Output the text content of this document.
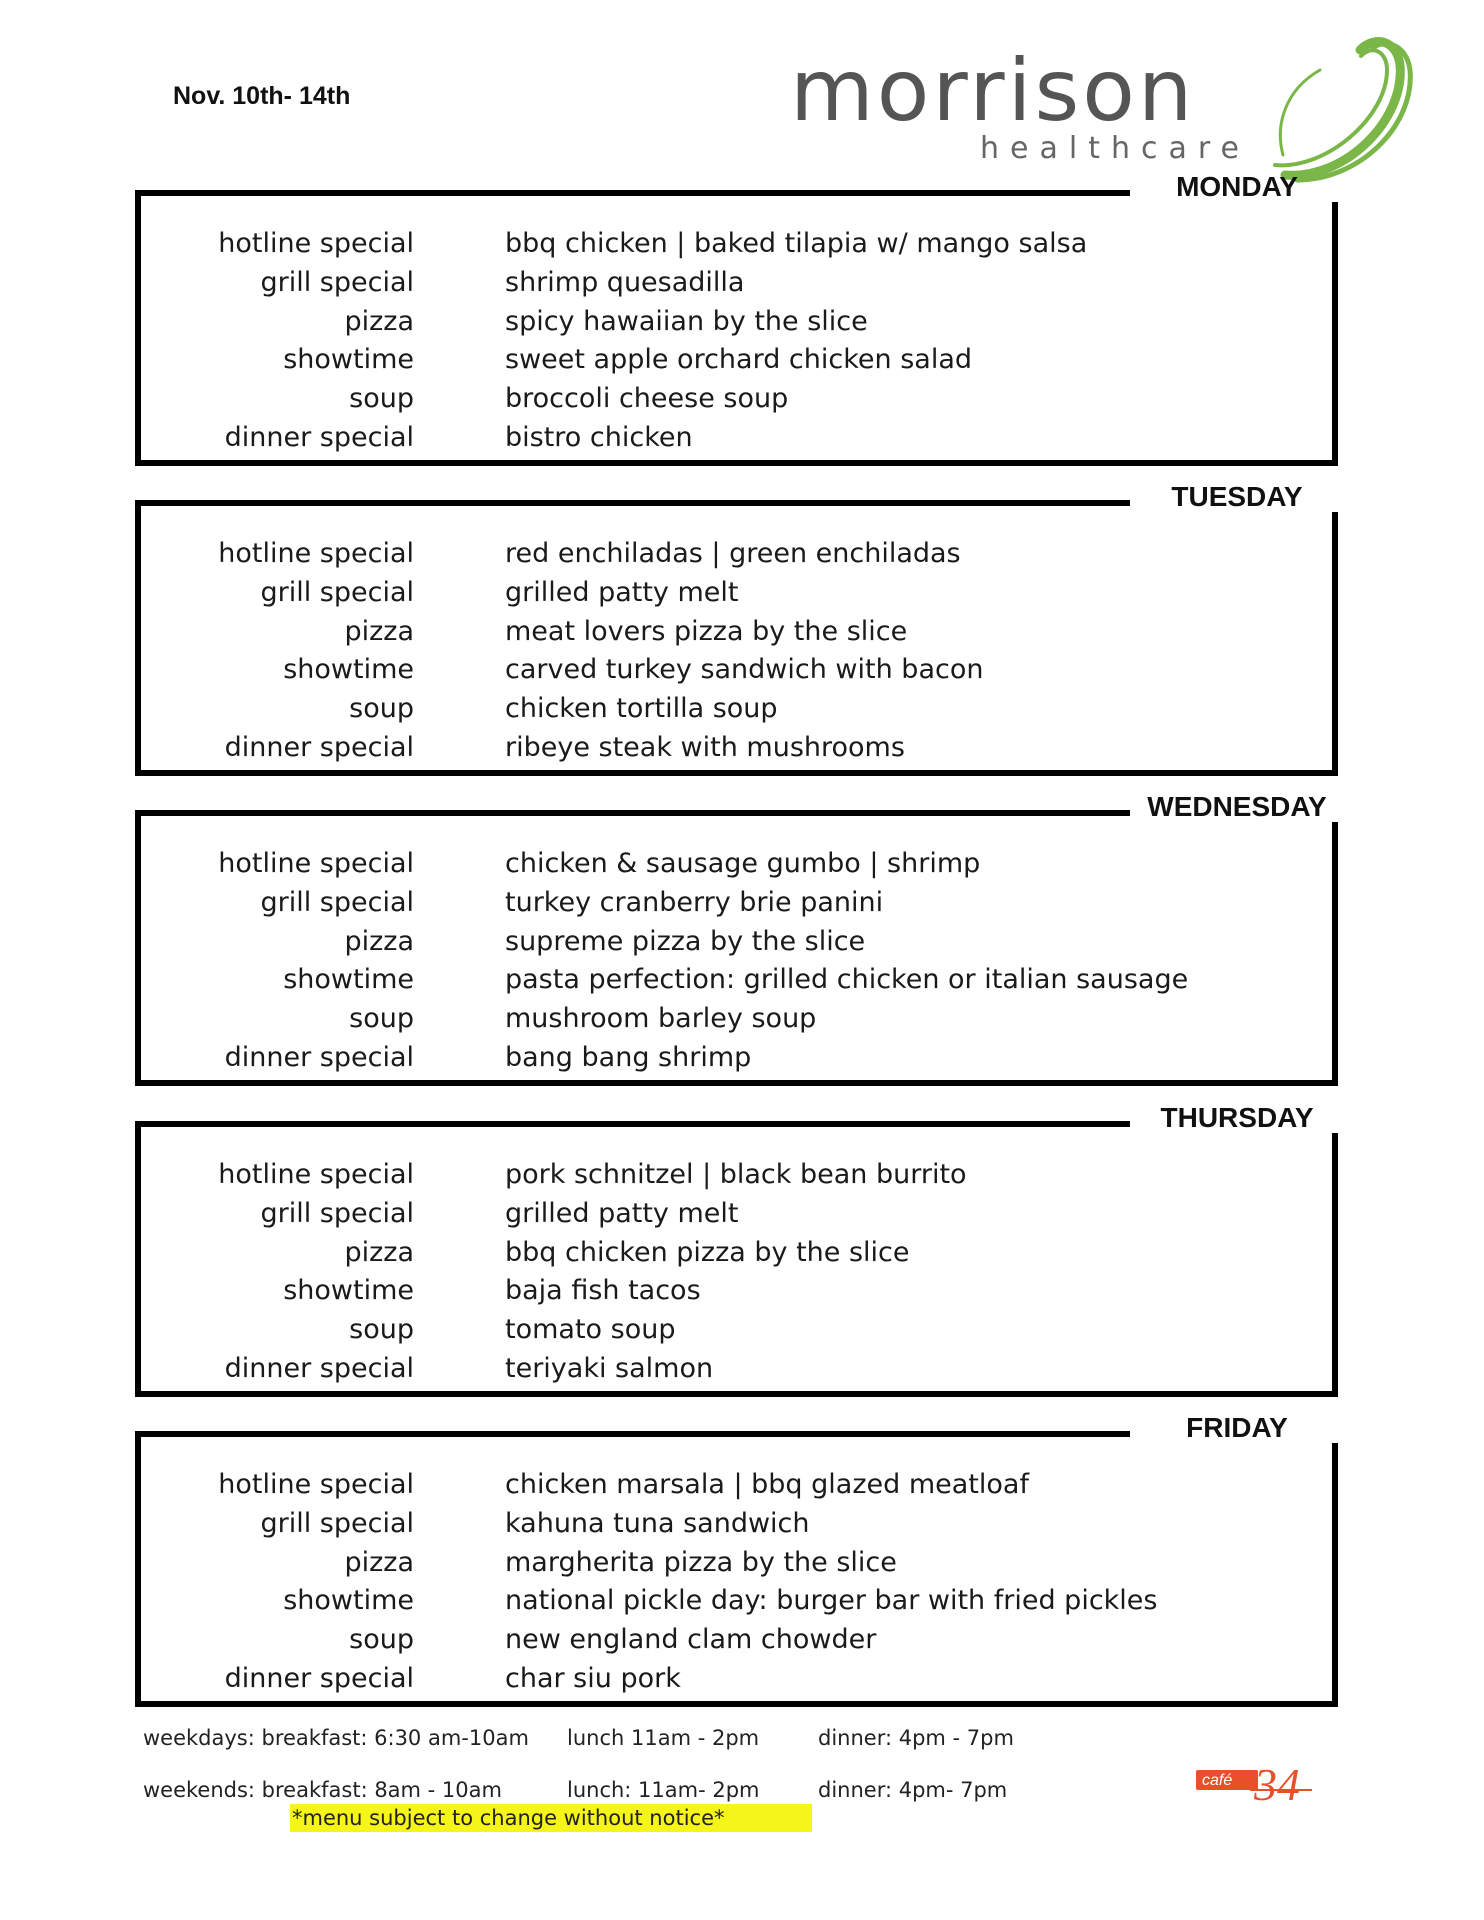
Nov. 10th- 14th	morrison
healthcare
MONDAY
hotline special	bbq chicken | baked tilapia w/ mango salsa
grill special	shrimp quesadilla
pizza	spicy hawaiian by the slice
showtime	sweet apple orchard chicken salad
soup	broccoli cheese soup
dinner special	bistro chicken
TUESDAY
hotline special	red enchiladas | green enchiladas
grill special	grilled patty melt
pizza	meat lovers pizza by the slice
showtime	carved turkey sandwich with bacon
soup	chicken tortilla soup
dinner special	ribeye steak with mushrooms
WEDNESDAY
hotline special	chicken & sausage gumbo | shrimp
grill special	turkey cranberry brie panini
pizza	supreme pizza by the slice
showtime	pasta perfection: grilled chicken or italian sausage
soup	mushroom barley soup
dinner special	bang bang shrimp
THURSDAY
hotline special	pork schnitzel | black bean burrito
grill special	grilled patty melt
pizza	bbq chicken pizza by the slice
showtime	baja fish tacos
soup	tomato soup
dinner special	teriyaki salmon
FRIDAY
hotline special	chicken marsala | bbq glazed meatloaf
grill special	kahuna tuna sandwich
pizza	margherita pizza by the slice
showtime	national pickle day: burger bar with fried pickles
soup	new england clam chowder
dinner special	char siu pork
weekdays: breakfast: 6:30 am-10am lunch 11am - 2pm	dinner: 4pm - 7pm
weekends: breakfast: 8am - 10am	lunch: 11am- 2pm	dinner: 4pm- 7pm
*menu subject to change without notice*
café 34
